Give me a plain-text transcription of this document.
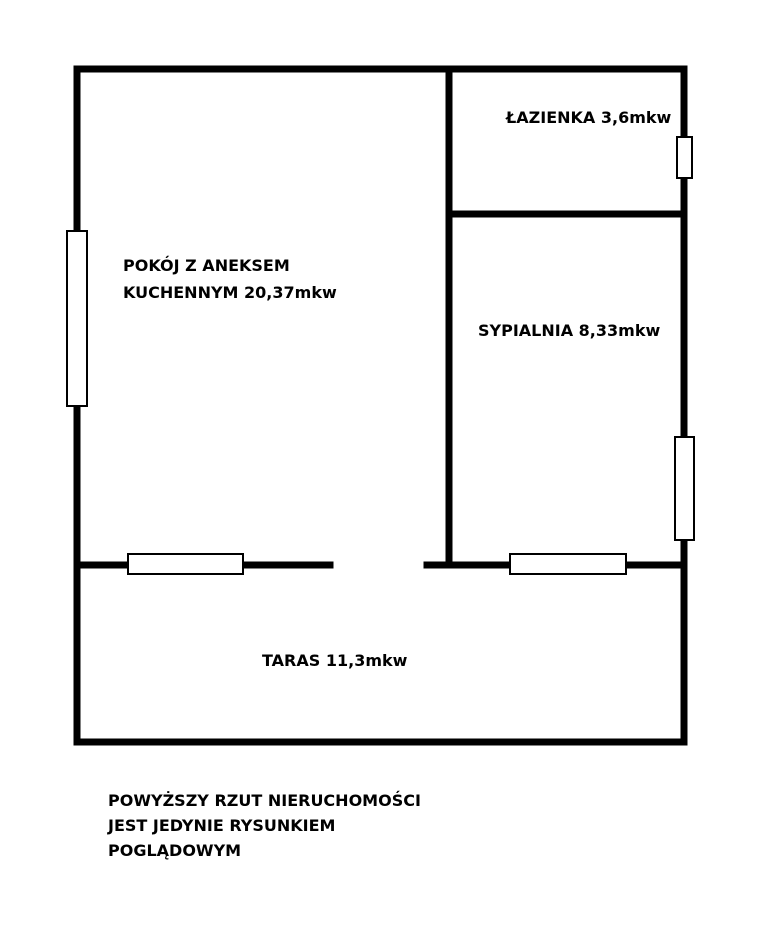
ŁAZIENKA 3,6mkw

POKÓJ Z ANEKSEM

KUCHENNYM 20,37mkw

SYPIALNIA 8,33mkw

TARAS 11,3mkw

POWYŻSZY RZUT NIERUCHOMOŚCI
JEST JEDYNIE RYSUNKIEM
POGLĄDOWYM
